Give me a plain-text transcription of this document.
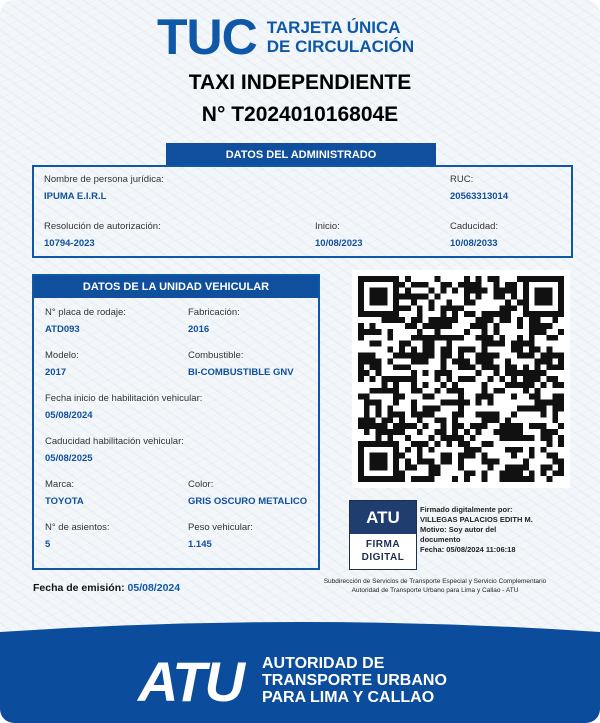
TUC TARJETA ÚNICA
DE CIRCULACIÓN
TAXI INDEPENDIENTE
N° T202401016804E
DATOS DEL ADMINISTRADO
Nombre de persona jurídica:
IPUMA E.I.R.L
RUC:
20563313014
Resolución de autorización:
10794-2023
Inicio:
10/08/2023
Caducidad:
10/08/2033
DATOS DE LA UNIDAD VEHICULAR
N° placa de rodaje:
ATD093
Fabricación:
2016
Modelo:
2017
Combustible:
BI-COMBUSTIBLE GNV
Fecha inicio de habilitación vehicular:
05/08/2024
Caducidad habilitación vehicular:
05/08/2025
Marca:
TOYOTA
Color:
GRIS OSCURO METALICO
N° de asientos:
5
Peso vehicular:
1.145
ATU
FIRMA
DIGITAL
Firmado digitalmente por:
VILLEGAS PALACIOS EDITH M.
Motivo: Soy autor del
documento
Fecha: 05/08/2024 11:06:18
Fecha de emisión: 05/08/2024
Subdirección de Servicios de Transporte Especial y Servicio Complementario
Autoridad de Transporte Urbano para Lima y Callao - ATU
ATU AUTORIDAD DE
TRANSPORTE URBANO
PARA LIMA Y CALLAO
